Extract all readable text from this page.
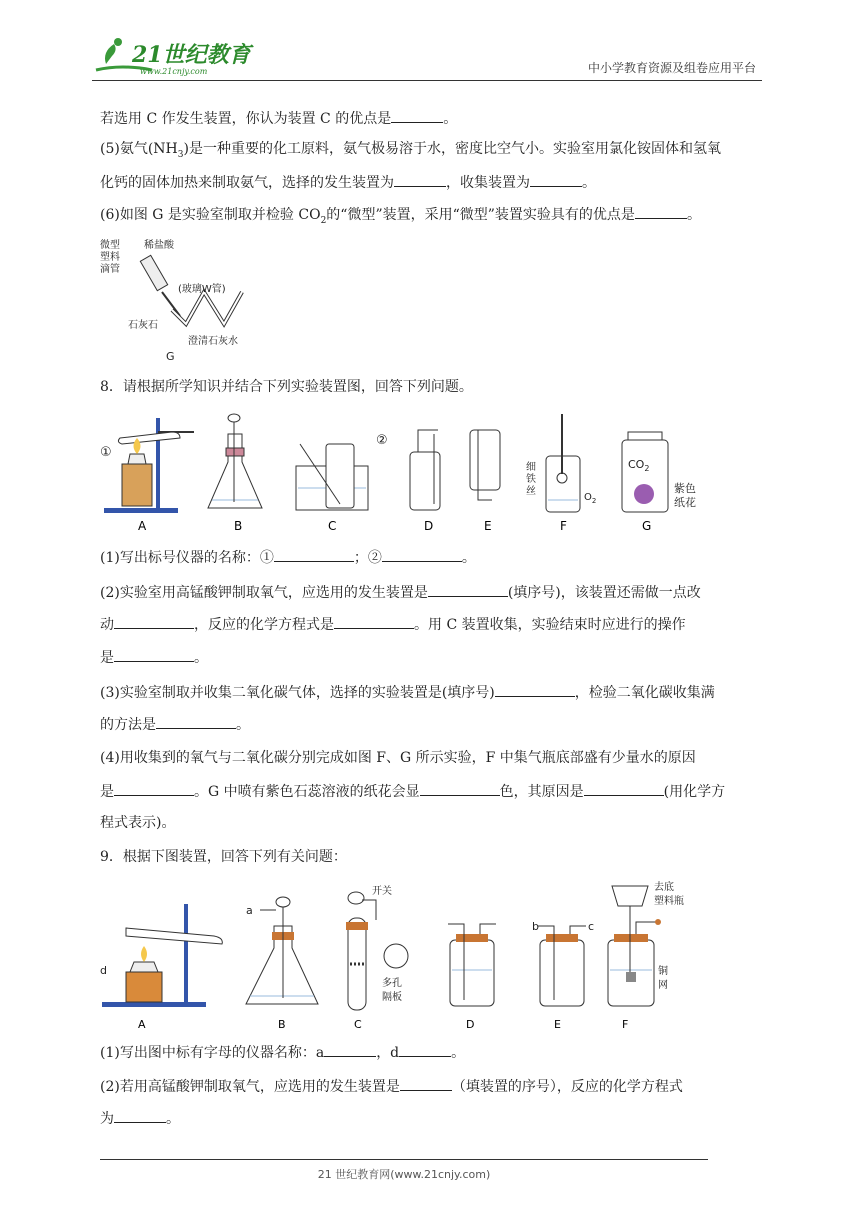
21世纪教育
www.21cnjy.com	中小学教育资源及组卷应用平台
若选用 C 作发生装置，你认为装置 C 的优点是	。
(5)氨气$(NH_3)$是一种重要的化工原料，氨气极易溶于水，密度比空气小。实验室用氯化铵固体和氢氧
化钙的固体加热来制取氨气，选择的发生装置为	，收集装置为	。
(6)如图 G 是实验室制取并检验 $CO_2$的“微型”装置，采用“微型”装置实验具有的优点是	。
微型
塑料
滴管
稀盐酸
(玻璃W管)
石灰石
澄清石灰水
G
8．请根据所学知识并结合下列实验装置图，回答下列问题。
①
②
细
铁
丝
$O_2$
$CO_2$
紫色
纸花
A	B	C	D	E	F	G
(1)写出标号仪器的名称：①	；②	。
(2)实验室用高锰酸钾制取氧气，应选用的发生装置是	(填序号)，该装置还需做一点改
动	，反应的化学方程式是	。用 C 装置收集，实验结束时应进行的操作
是	。
(3)实验室制取并收集二氧化碳气体，选择的实验装置是(填序号)	，检验二氧化碳收集满
的方法是	。
(4)用收集到的氧气与二氧化碳分别完成如图 F、G 所示实验，F 中集气瓶底部盛有少量水的原因
是	。G 中喷有紫色石蕊溶液的纸花会显	色，其原因是	(用化学方
程式表示)。
9．根据下图装置，回答下列有关问题：
d
a
开关
多孔
隔板
b	c
去底
塑料瓶
铜
网
A	B	C	D	E	F
(1)写出图中标有字母的仪器名称：a	，d	。
(2)若用高锰酸钾制取氧气，应选用的发生装置是	（填装置的序号），反应的化学方程式
为	。
21 世纪教育网(www.21cnjy.com)
